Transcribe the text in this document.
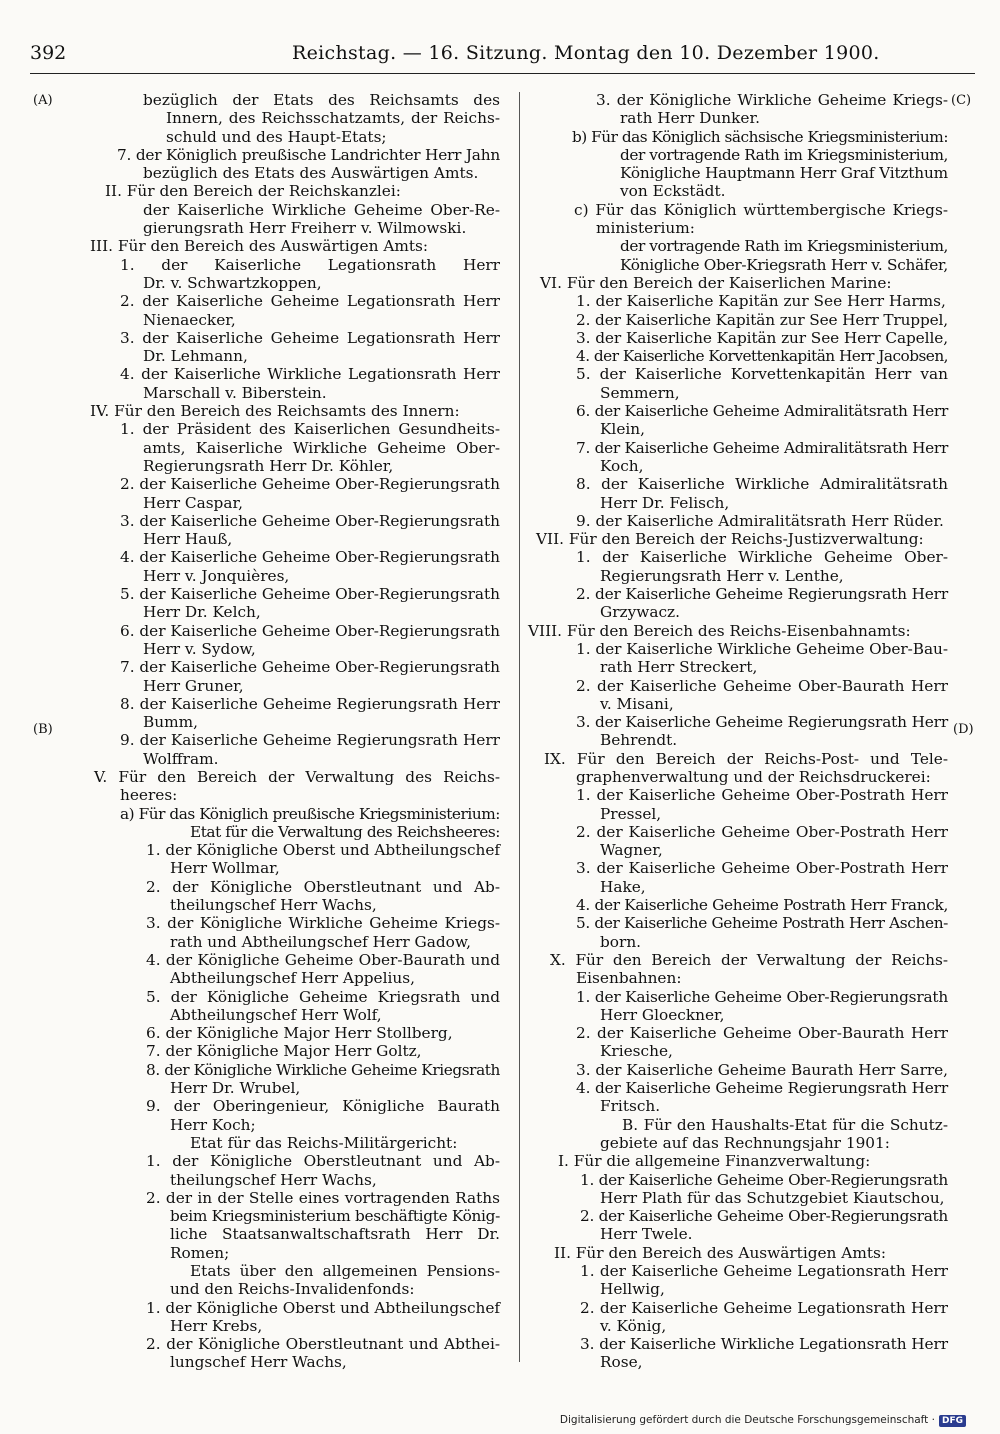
392	Reichstag. — 16. Sitzung. Montag den 10. Dezember 1900.
(A)
(B)
(C)
(D)
bezüglich der Etats des Reichsamts des
Innern, des Reichsschatzamts, der Reichs-
schuld und des Haupt-Etats;
7. der Königlich preußische Landrichter Herr Jahn
bezüglich des Etats des Auswärtigen Amts.
II. Für den Bereich der Reichskanzlei:
der Kaiserliche Wirkliche Geheime Ober-Re-
gierungsrath Herr Freiherr v. Wilmowski.
III. Für den Bereich des Auswärtigen Amts:
1. der Kaiserliche Legationsrath Herr
Dr. v. Schwartzkoppen,
2. der Kaiserliche Geheime Legationsrath Herr
Nienaecker,
3. der Kaiserliche Geheime Legationsrath Herr
Dr. Lehmann,
4. der Kaiserliche Wirkliche Legationsrath Herr
Marschall v. Biberstein.
IV. Für den Bereich des Reichsamts des Innern:
1. der Präsident des Kaiserlichen Gesundheits-
amts, Kaiserliche Wirkliche Geheime Ober-
Regierungsrath Herr Dr. Köhler,
2. der Kaiserliche Geheime Ober-Regierungsrath
Herr Caspar,
3. der Kaiserliche Geheime Ober-Regierungsrath
Herr Hauß,
4. der Kaiserliche Geheime Ober-Regierungsrath
Herr v. Jonquières,
5. der Kaiserliche Geheime Ober-Regierungsrath
Herr Dr. Kelch,
6. der Kaiserliche Geheime Ober-Regierungsrath
Herr v. Sydow,
7. der Kaiserliche Geheime Ober-Regierungsrath
Herr Gruner,
8. der Kaiserliche Geheime Regierungsrath Herr
Bumm,
9. der Kaiserliche Geheime Regierungsrath Herr
Wolffram.
V. Für den Bereich der Verwaltung des Reichs-
heeres:
a) Für das Königlich preußische Kriegsministerium:
Etat für die Verwaltung des Reichsheeres:
1. der Königliche Oberst und Abtheilungschef
Herr Wollmar,
2. der Königliche Oberstleutnant und Ab-
theilungschef Herr Wachs,
3. der Königliche Wirkliche Geheime Kriegs-
rath und Abtheilungschef Herr Gadow,
4. der Königliche Geheime Ober-Baurath und
Abtheilungschef Herr Appelius,
5. der Königliche Geheime Kriegsrath und
Abtheilungschef Herr Wolf,
6. der Königliche Major Herr Stollberg,
7. der Königliche Major Herr Goltz,
8. der Königliche Wirkliche Geheime Kriegsrath
Herr Dr. Wrubel,
9. der Oberingenieur, Königliche Baurath
Herr Koch;
Etat für das Reichs-Militärgericht:
1. der Königliche Oberstleutnant und Ab-
theilungschef Herr Wachs,
2. der in der Stelle eines vortragenden Raths
beim Kriegsministerium beschäftigte König-
liche Staatsanwaltschaftsrath Herr Dr.
Romen;
Etats über den allgemeinen Pensions-
und den Reichs-Invalidenfonds:
1. der Königliche Oberst und Abtheilungschef
Herr Krebs,
2. der Königliche Oberstleutnant und Abthei-
lungschef Herr Wachs,
3. der Königliche Wirkliche Geheime Kriegs-
rath Herr Dunker.
b) Für das Königlich sächsische Kriegsministerium:
der vortragende Rath im Kriegsministerium,
Königliche Hauptmann Herr Graf Vitzthum
von Eckstädt.
c) Für das Königlich württembergische Kriegs-
ministerium:
der vortragende Rath im Kriegsministerium,
Königliche Ober-Kriegsrath Herr v. Schäfer,
VI. Für den Bereich der Kaiserlichen Marine:
1. der Kaiserliche Kapitän zur See Herr Harms,
2. der Kaiserliche Kapitän zur See Herr Truppel,
3. der Kaiserliche Kapitän zur See Herr Capelle,
4. der Kaiserliche Korvettenkapitän Herr Jacobsen,
5. der Kaiserliche Korvettenkapitän Herr van
Semmern,
6. der Kaiserliche Geheime Admiralitätsrath Herr
Klein,
7. der Kaiserliche Geheime Admiralitätsrath Herr
Koch,
8. der Kaiserliche Wirkliche Admiralitätsrath
Herr Dr. Felisch,
9. der Kaiserliche Admiralitätsrath Herr Rüder.
VII. Für den Bereich der Reichs-Justizverwaltung:
1. der Kaiserliche Wirkliche Geheime Ober-
Regierungsrath Herr v. Lenthe,
2. der Kaiserliche Geheime Regierungsrath Herr
Grzywacz.
VIII. Für den Bereich des Reichs-Eisenbahnamts:
1. der Kaiserliche Wirkliche Geheime Ober-Bau-
rath Herr Streckert,
2. der Kaiserliche Geheime Ober-Baurath Herr
v. Misani,
3. der Kaiserliche Geheime Regierungsrath Herr
Behrendt.
IX. Für den Bereich der Reichs-Post- und Tele-
graphenverwaltung und der Reichsdruckerei:
1. der Kaiserliche Geheime Ober-Postrath Herr
Pressel,
2. der Kaiserliche Geheime Ober-Postrath Herr
Wagner,
3. der Kaiserliche Geheime Ober-Postrath Herr
Hake,
4. der Kaiserliche Geheime Postrath Herr Franck,
5. der Kaiserliche Geheime Postrath Herr Aschen-
born.
X. Für den Bereich der Verwaltung der Reichs-
Eisenbahnen:
1. der Kaiserliche Geheime Ober-Regierungsrath
Herr Gloeckner,
2. der Kaiserliche Geheime Ober-Baurath Herr
Kriesche,
3. der Kaiserliche Geheime Baurath Herr Sarre,
4. der Kaiserliche Geheime Regierungsrath Herr
Fritsch.
B. Für den Haushalts-Etat für die Schutz-
gebiete auf das Rechnungsjahr 1901:
I. Für die allgemeine Finanzverwaltung:
1. der Kaiserliche Geheime Ober-Regierungsrath
Herr Plath für das Schutzgebiet Kiautschou,
2. der Kaiserliche Geheime Ober-Regierungsrath
Herr Twele.
II. Für den Bereich des Auswärtigen Amts:
1. der Kaiserliche Geheime Legationsrath Herr
Hellwig,
2. der Kaiserliche Geheime Legationsrath Herr
v. König,
3. der Kaiserliche Wirkliche Legationsrath Herr
Rose,
Digitalisierung gefördert durch die Deutsche Forschungsgemeinschaft · DFG
